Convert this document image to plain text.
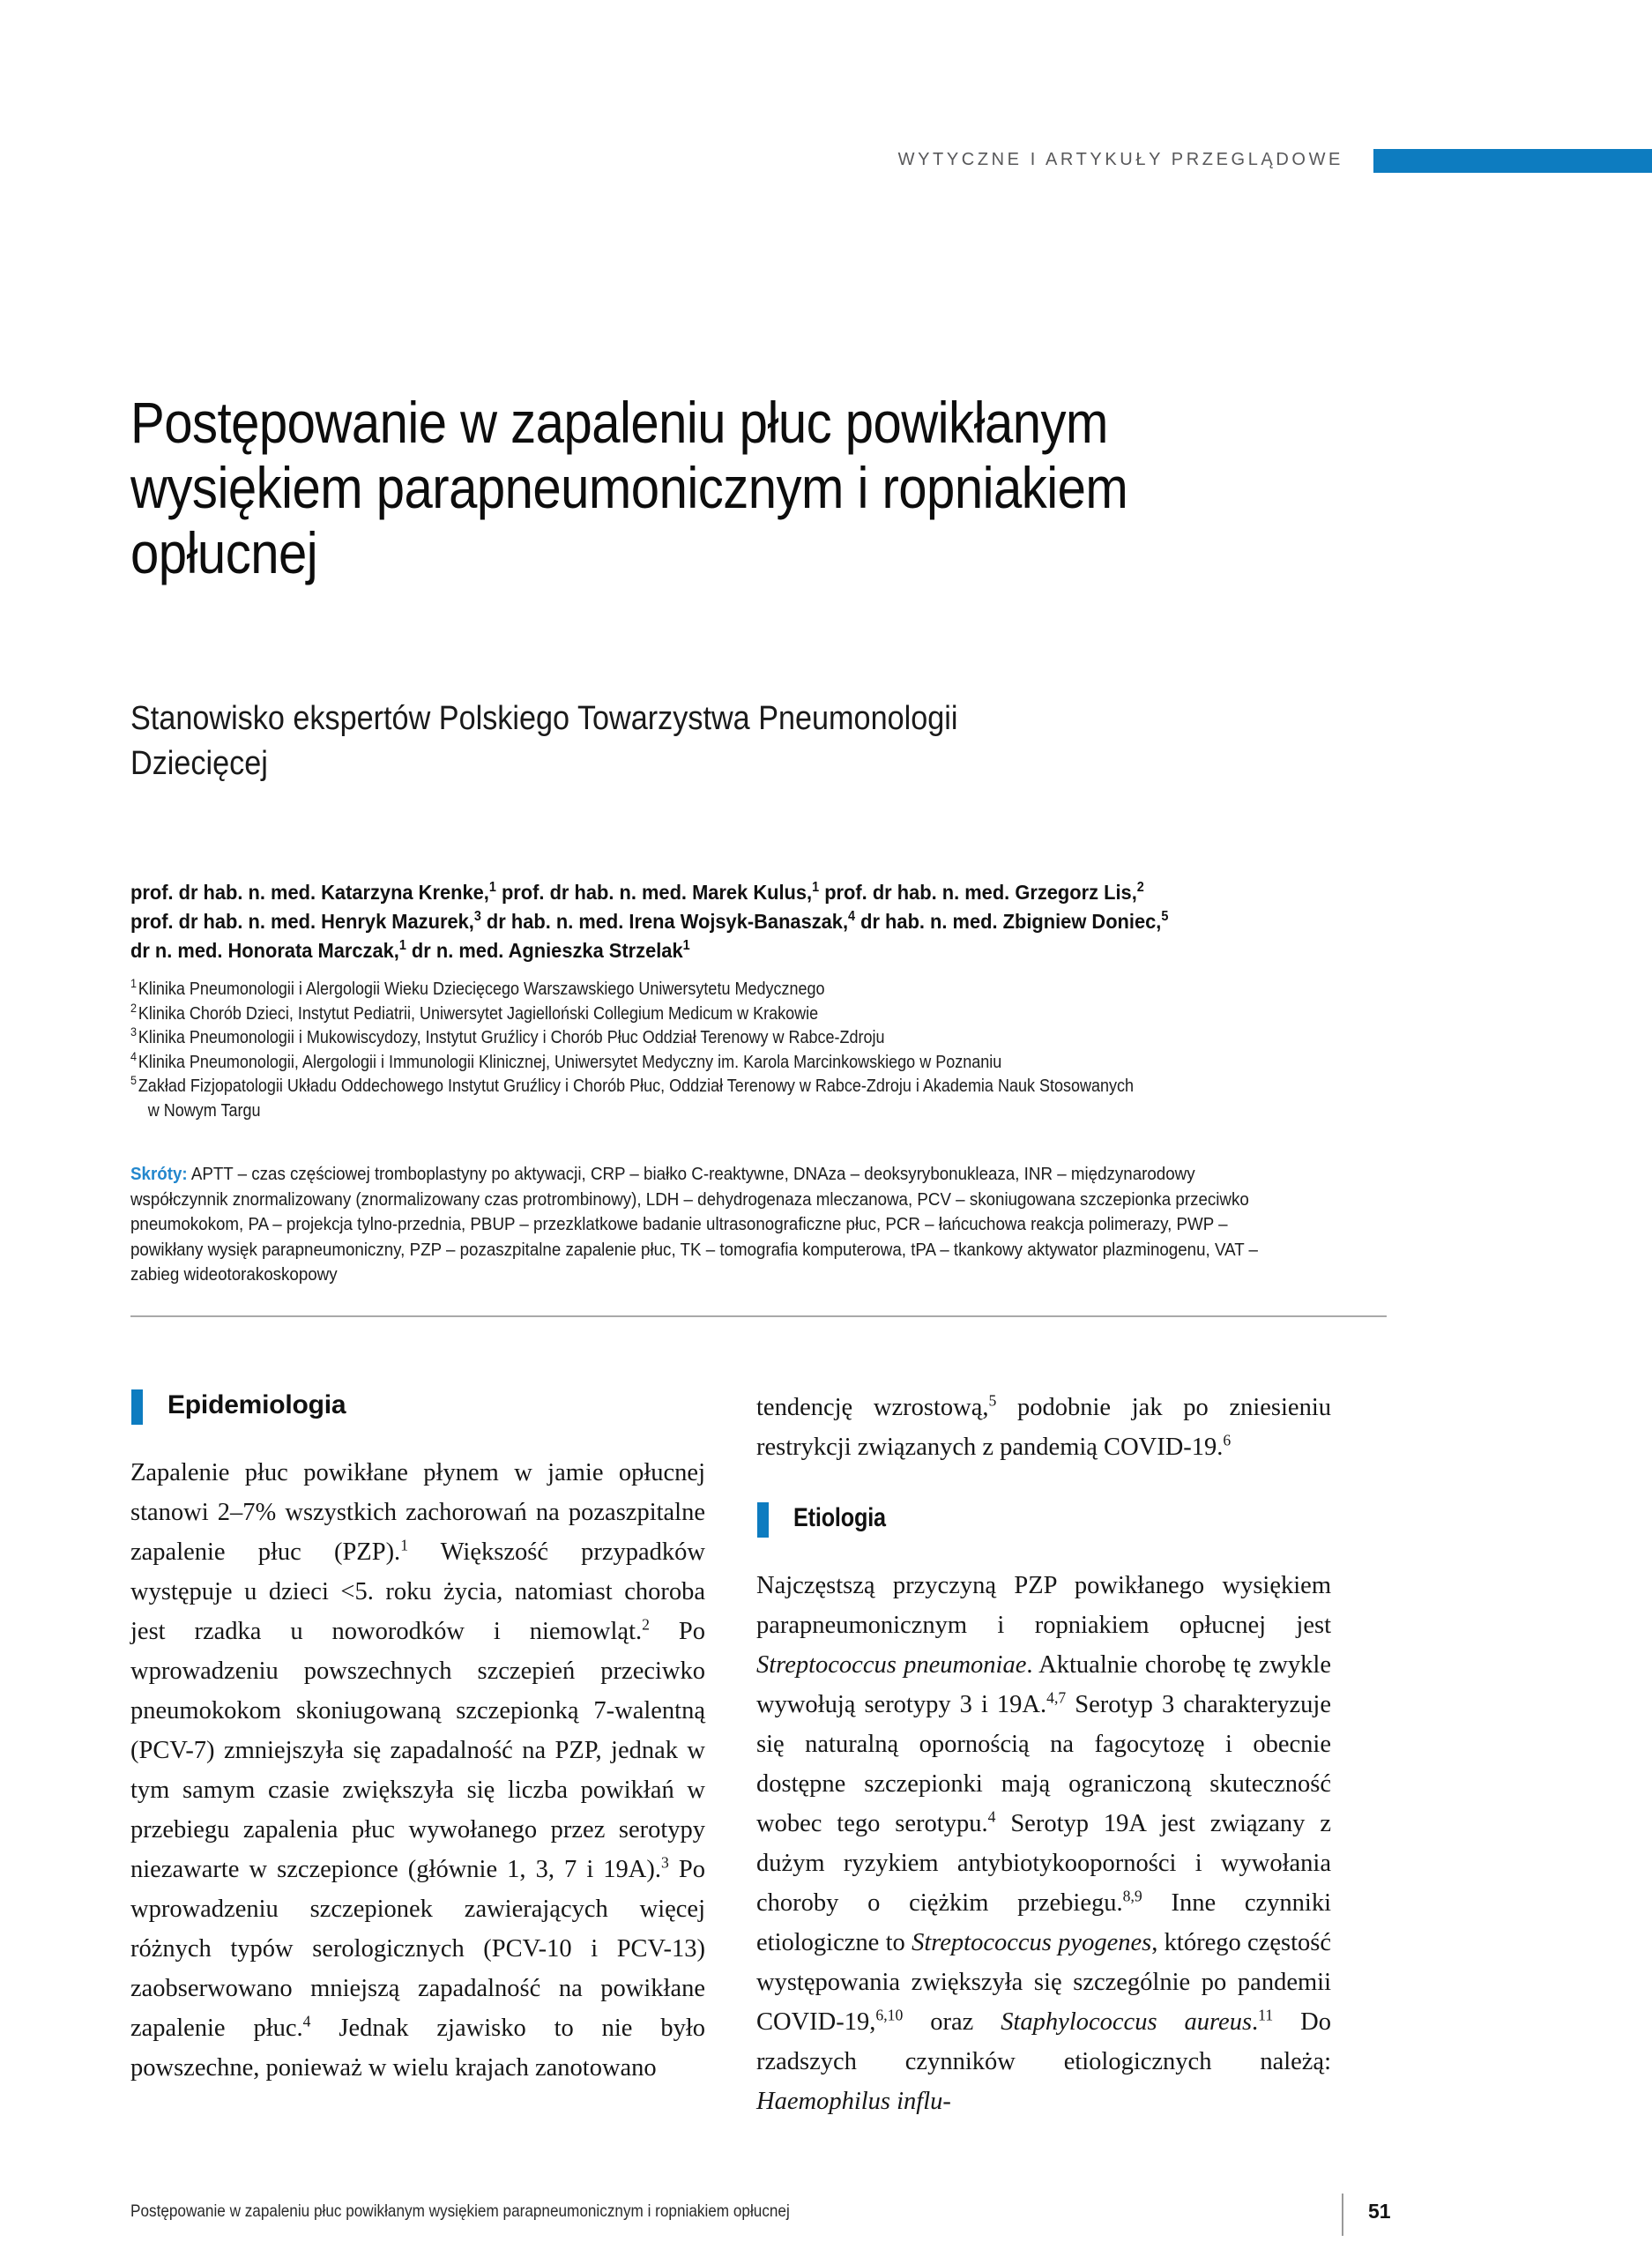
WYTYCZNE I ARTYKUŁY PRZEGLĄDOWE
Postępowanie w zapaleniu płuc powikłanym wysiękiem parapneumonicznym i ropniakiem opłucnej
Stanowisko ekspertów Polskiego Towarzystwa Pneumonologii Dziecięcej
prof. dr hab. n. med. Katarzyna Krenke,$^1$ prof. dr hab. n. med. Marek Kulus,$^1$ prof. dr hab. n. med. Grzegorz Lis,$^2$
prof. dr hab. n. med. Henryk Mazurek,$^3$ dr hab. n. med. Irena Wojsyk-Banaszak,$^4$ dr hab. n. med. Zbigniew Doniec,$^5$
dr n. med. Honorata Marczak,$^1$ dr n. med. Agnieszka Strzelak$^1$
$^1$Klinika Pneumonologii i Alergologii Wieku Dziecięcego Warszawskiego Uniwersytetu Medycznego
$^2$Klinika Chorób Dzieci, Instytut Pediatrii, Uniwersytet Jagielloński Collegium Medicum w Krakowie
$^3$Klinika Pneumonologii i Mukowiscydozy, Instytut Gruźlicy i Chorób Płuc Oddział Terenowy w Rabce-Zdroju
$^4$Klinika Pneumonologii, Alergologii i Immunologii Klinicznej, Uniwersytet Medyczny im. Karola Marcinkowskiego w Poznaniu
$^5$Zakład Fizjopatologii Układu Oddechowego Instytut Gruźlicy i Chorób Płuc, Oddział Terenowy w Rabce-Zdroju i Akademia Nauk Stosowanych
w Nowym Targu
Skróty: APTT – czas częściowej tromboplastyny po aktywacji, CRP – białko C-reaktywne, DNAza – deoksyrybonukleaza, INR – międzynarodowy współczynnik znormalizowany (znormalizowany czas protrombinowy), LDH – dehydrogenaza mleczanowa, PCV – skoniugowana szczepionka przeciwko pneumokokom, PA – projekcja tylno-przednia, PBUP – przezklatkowe badanie ultrasonograficzne płuc, PCR – łańcuchowa reakcja polimerazy, PWP – powikłany wysięk parapneumoniczny, PZP – pozaszpitalne zapalenie płuc, TK – tomografia komputerowa, tPA – tkankowy aktywator plazminogenu, VAT – zabieg wideotorakoskopowy
Epidemiologia

Zapalenie płuc powikłane płynem w jamie opłucnej stanowi 2–7% wszystkich zachorowań na pozaszpitalne zapalenie płuc (PZP).$^1$ Większość przypadków występuje u dzieci <5. roku życia, natomiast choroba jest rzadka u noworodków i niemowląt.$^2$ Po wprowadzeniu powszechnych szczepień przeciwko pneumokokom skoniugowaną szczepionką 7-walentną (PCV-7) zmniejszyła się zapadalność na PZP, jednak w tym samym czasie zwiększyła się liczba powikłań w przebiegu zapalenia płuc wywołanego przez serotypy niezawarte w szczepionce (głównie 1, 3, 7 i 19A).$^3$ Po wprowadzeniu szczepionek zawierających więcej różnych typów serologicznych (PCV-10 i PCV-13) zaobserwowano mniejszą zapadalność na powikłane zapalenie płuc.$^4$ Jednak zjawisko to nie było powszechne, ponieważ w wielu krajach zanotowano

tendencję wzrostową,$^5$ podobnie jak po zniesieniu restrykcji związanych z pandemią COVID-19.$^6$

Etiologia

Najczęstszą przyczyną PZP powikłanego wysiękiem parapneumonicznym i ropniakiem opłucnej jest Streptococcus pneumoniae. Aktualnie chorobę tę zwykle wywołują serotypy 3 i 19A.$^{4,7}$ Serotyp 3 charakteryzuje się naturalną opornością na fagocytozę i obecnie dostępne szczepionki mają ograniczoną skuteczność wobec tego serotypu.$^4$ Serotyp 19A jest związany z dużym ryzykiem antybiotykooporności i wywołania choroby o ciężkim przebiegu.$^{8,9}$ Inne czynniki etiologiczne to Streptococcus pyogenes, którego częstość występowania zwiększyła się szczególnie po pandemii COVID-19,$^{6,10}$ oraz Staphylococcus aureus.$^{11}$ Do rzadszych czynników etiologicznych należą: Haemophilus influ-

Postępowanie w zapaleniu płuc powikłanym wysiękiem parapneumonicznym i ropniakiem opłucnej	51
